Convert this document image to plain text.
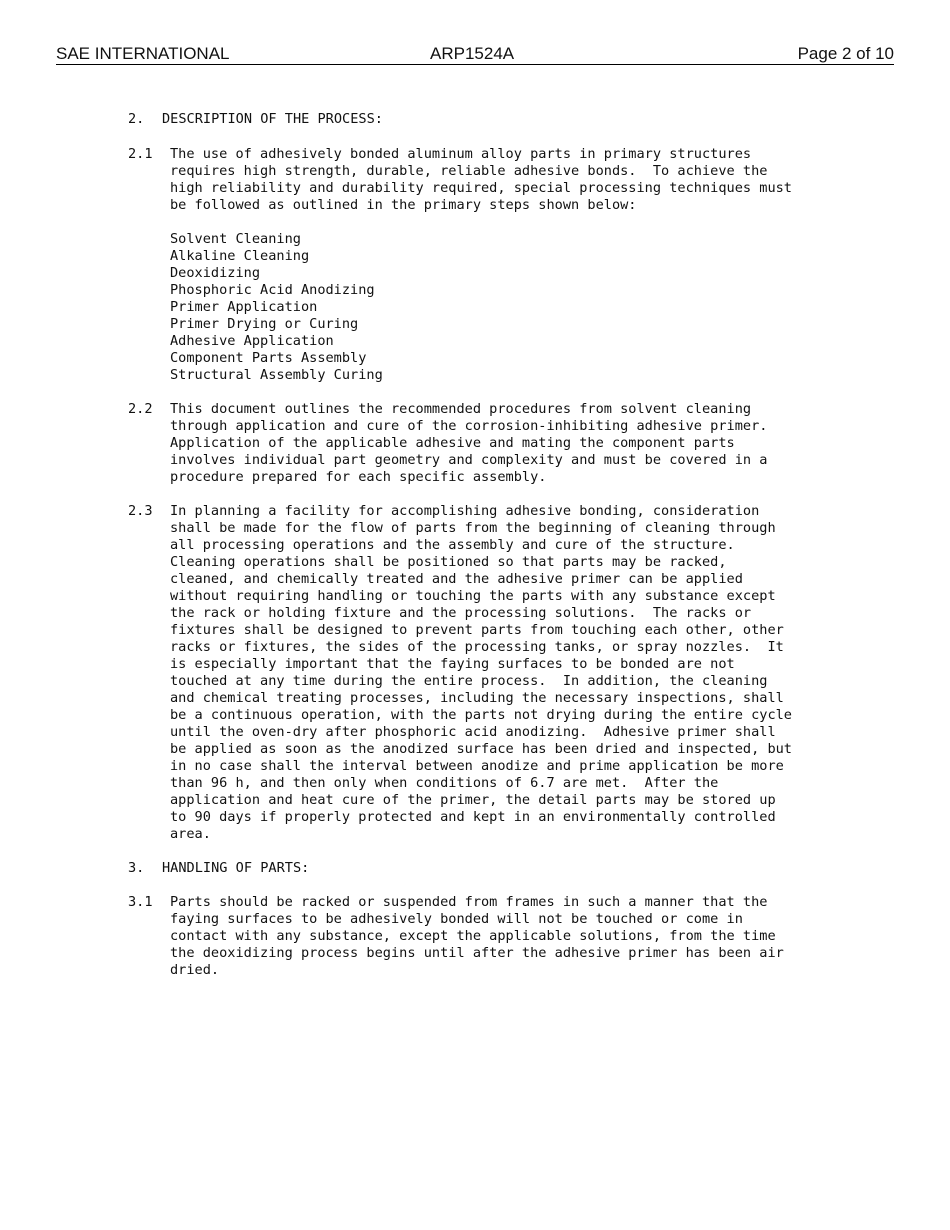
SAE INTERNATIONAL	ARP1524A	Page 2 of 10
2. DESCRIPTION OF THE PROCESS:
2.1 The use of adhesively bonded aluminum alloy parts in primary structures
requires high strength, durable, reliable adhesive bonds.  To achieve the
high reliability and durability required, special processing techniques must
be followed as outlined in the primary steps shown below:
Solvent Cleaning
Alkaline Cleaning
Deoxidizing
Phosphoric Acid Anodizing
Primer Application
Primer Drying or Curing
Adhesive Application
Component Parts Assembly
Structural Assembly Curing
2.2 This document outlines the recommended procedures from solvent cleaning
through application and cure of the corrosion-inhibiting adhesive primer.
Application of the applicable adhesive and mating the component parts
involves individual part geometry and complexity and must be covered in a
procedure prepared for each specific assembly.
2.3 In planning a facility for accomplishing adhesive bonding, consideration
shall be made for the flow of parts from the beginning of cleaning through
all processing operations and the assembly and cure of the structure.
Cleaning operations shall be positioned so that parts may be racked,
cleaned, and chemically treated and the adhesive primer can be applied
without requiring handling or touching the parts with any substance except
the rack or holding fixture and the processing solutions.  The racks or
fixtures shall be designed to prevent parts from touching each other, other
racks or fixtures, the sides of the processing tanks, or spray nozzles.  It
is especially important that the faying surfaces to be bonded are not
touched at any time during the entire process.  In addition, the cleaning
and chemical treating processes, including the necessary inspections, shall
be a continuous operation, with the parts not drying during the entire cycle
until the oven-dry after phosphoric acid anodizing.  Adhesive primer shall
be applied as soon as the anodized surface has been dried and inspected, but
in no case shall the interval between anodize and prime application be more
than 96 h, and then only when conditions of 6.7 are met.  After the
application and heat cure of the primer, the detail parts may be stored up
to 90 days if properly protected and kept in an environmentally controlled
area.
3. HANDLING OF PARTS:
3.1 Parts should be racked or suspended from frames in such a manner that the
faying surfaces to be adhesively bonded will not be touched or come in
contact with any substance, except the applicable solutions, from the time
the deoxidizing process begins until after the adhesive primer has been air
dried.
